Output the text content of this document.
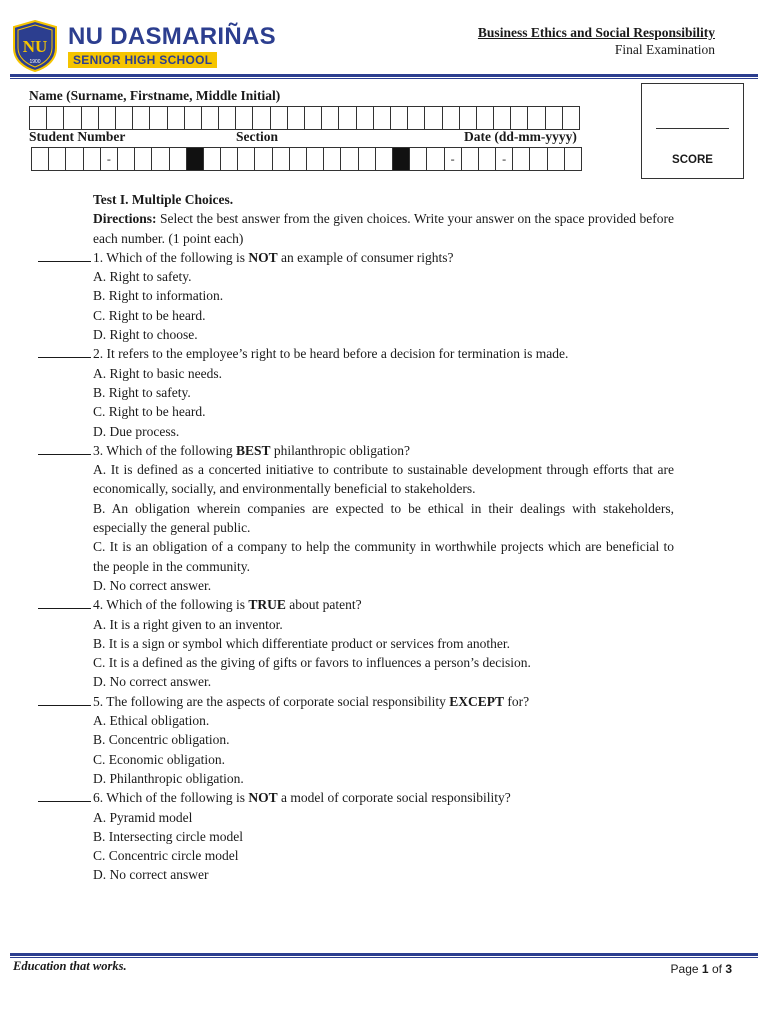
NU
1900
NU DASMARIÑAS
SENIOR HIGH SCHOOL
Business Ethics and Social Responsibility
Final Examination
Name (Surname, Firstname, Middle Initial)
Student Number	Section	Date (dd-mm-yyyy)
-	-	-	SCORE
Test I. Multiple Choices.
Directions: Select the best answer from the given choices. Write your answer on the space provided before each number. (1 point each)
1. Which of the following is NOT an example of consumer rights?
A. Right to safety.
B. Right to information.
C. Right to be heard.
D. Right to choose.
2. It refers to the employee’s right to be heard before a decision for termination is made.
A. Right to basic needs.
B. Right to safety.
C. Right to be heard.
D. Due process.
3. Which of the following BEST philanthropic obligation?
A. It is defined as a concerted initiative to contribute to sustainable development through efforts that are economically, socially, and environmentally beneficial to stakeholders.
B. An obligation wherein companies are expected to be ethical in their dealings with stakeholders, especially the general public.
C. It is an obligation of a company to help the community in worthwhile projects which are beneficial to the people in the community.
D. No correct answer.
4. Which of the following is TRUE about patent?
A. It is a right given to an inventor.
B. It is a sign or symbol which differentiate product or services from another.
C. It is a defined as the giving of gifts or favors to influences a person’s decision.
D. No correct answer.
5. The following are the aspects of corporate social responsibility EXCEPT for?
A. Ethical obligation.
B. Concentric obligation.
C. Economic obligation.
D. Philanthropic obligation.
6. Which of the following is NOT a model of corporate social responsibility?
A. Pyramid model
B. Intersecting circle model
C. Concentric circle model
D. No correct answer
Education that works.	Page 1 of 3
